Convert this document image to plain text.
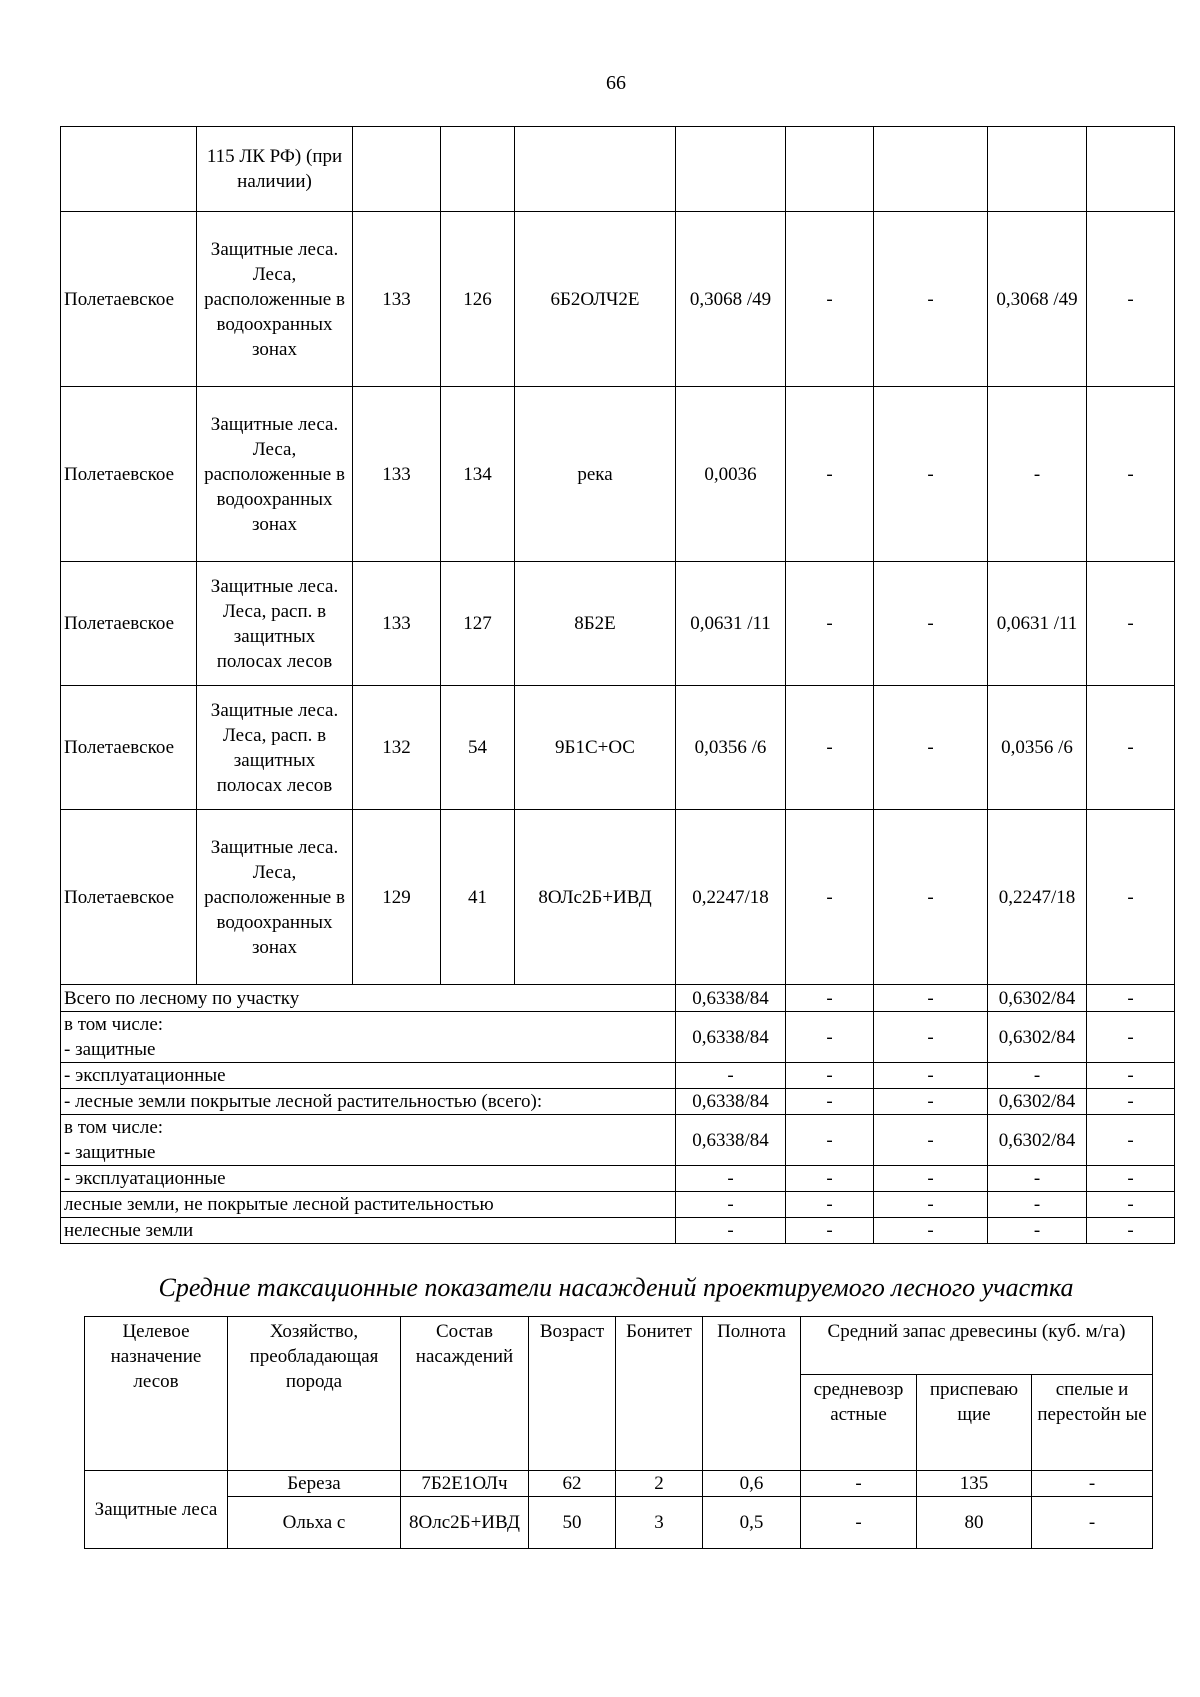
66
	115 ЛК РФ) (при наличии)								
Полетаевское	Защитные леса. Леса, расположенные в водоохранных зонах	133	126	6Б2ОЛЧ2Е	0,3068 /49	-	-	0,3068 /49	-
Полетаевское	Защитные леса. Леса, расположенные в водоохранных зонах	133	134	река	0,0036	-	-	-	-
Полетаевское	Защитные леса. Леса, расп. в защитных полосах лесов	133	127	8Б2Е	0,0631 /11	-	-	0,0631 /11	-
Полетаевское	Защитные леса. Леса, расп. в защитных полосах лесов	132	54	9Б1С+ОС	0,0356 /6	-	-	0,0356 /6	-
Полетаевское	Защитные леса. Леса, расположенные в водоохранных зонах	129	41	8ОЛс2Б+ИВД	0,2247/18	-	-	0,2247/18	-
Всего по лесному по участку					0,6338/84	-	-	0,6302/84	-

в том числе:
- защитные					0,6338/84	-	-	0,6302/84	-
- эксплуатационные					-	-	-	-	-
- лесные земли покрытые лесной растительностью (всего):					0,6338/84	-	-	0,6302/84	-

в том числе:
- защитные					0,6338/84	-	-	0,6302/84	-
- эксплуатационные					-	-	-	-	-
лесные земли, не покрытые лесной растительностью					-	-	-	-	-
нелесные земли					-	-	-	-	-
Средние таксационные показатели насаждений проектируемого лесного участка
Целевое назначение лесов	Хозяйство, преобладающая порода	Состав насаждений	Возраст	Бонитет	Полнота	Средний запас древесины (куб. м/га)		
						средневозр астные	приспеваю щие	спелые и перестойн ые
Защитные леса	Береза	7Б2Е1ОЛч	62	2	0,6	-	135	-
	Ольха с	8Олс2Б+ИВД	50	3	0,5	-	80	-
